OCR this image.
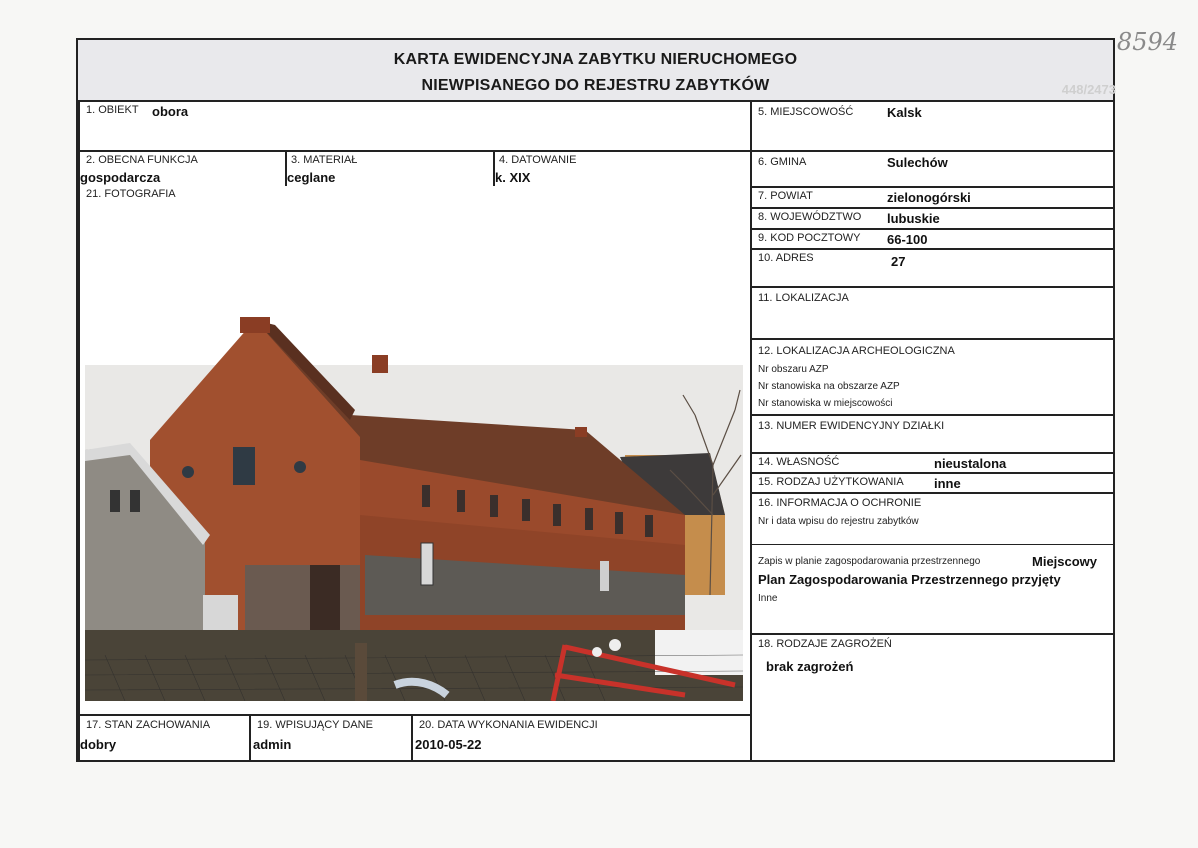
8594
KARTA EWIDENCYJNA ZABYTKU NIERUCHOMEGO
NIEWPISANEGO DO REJESTRU ZABYTKÓW	448/2473
1. OBIEKT obora
2. OBECNA FUNKCJA
gospodarcza
3. MATERIAŁ
ceglane
4. DATOWANIE
k. XIX
21. FOTOGRAFIA
5. MIEJSCOWOŚĆ	Kalsk
6. GMINA	Sulechów
7. POWIAT	zielonogórski
8. WOJEWÓDZTWO lubuskie
9. KOD POCZTOWY 66-100
10. ADRES	27
11. LOKALIZACJA
12. LOKALIZACJA ARCHEOLOGICZNA
Nr obszaru AZP
Nr stanowiska na obszarze AZP
Nr stanowiska w miejscowości
13. NUMER EWIDENCYJNY DZIAŁKI
14. WŁASNOŚĆ	nieustalona
15. RODZAJ UŻYTKOWANIA inne
16. INFORMACJA O OCHRONIE
Nr i data wpisu do rejestru zabytków
Zapis w planie zagospodarowania przestrzennego	Miejscowy
Plan Zagospodarowania Przestrzennego przyjęty
Inne
18. RODZAJE ZAGROŻEŃ
brak zagrożeń
17. STAN ZACHOWANIA
dobry
19. WPISUJĄCY DANE
admin
20. DATA WYKONANIA EWIDENCJI
2010-05-22
